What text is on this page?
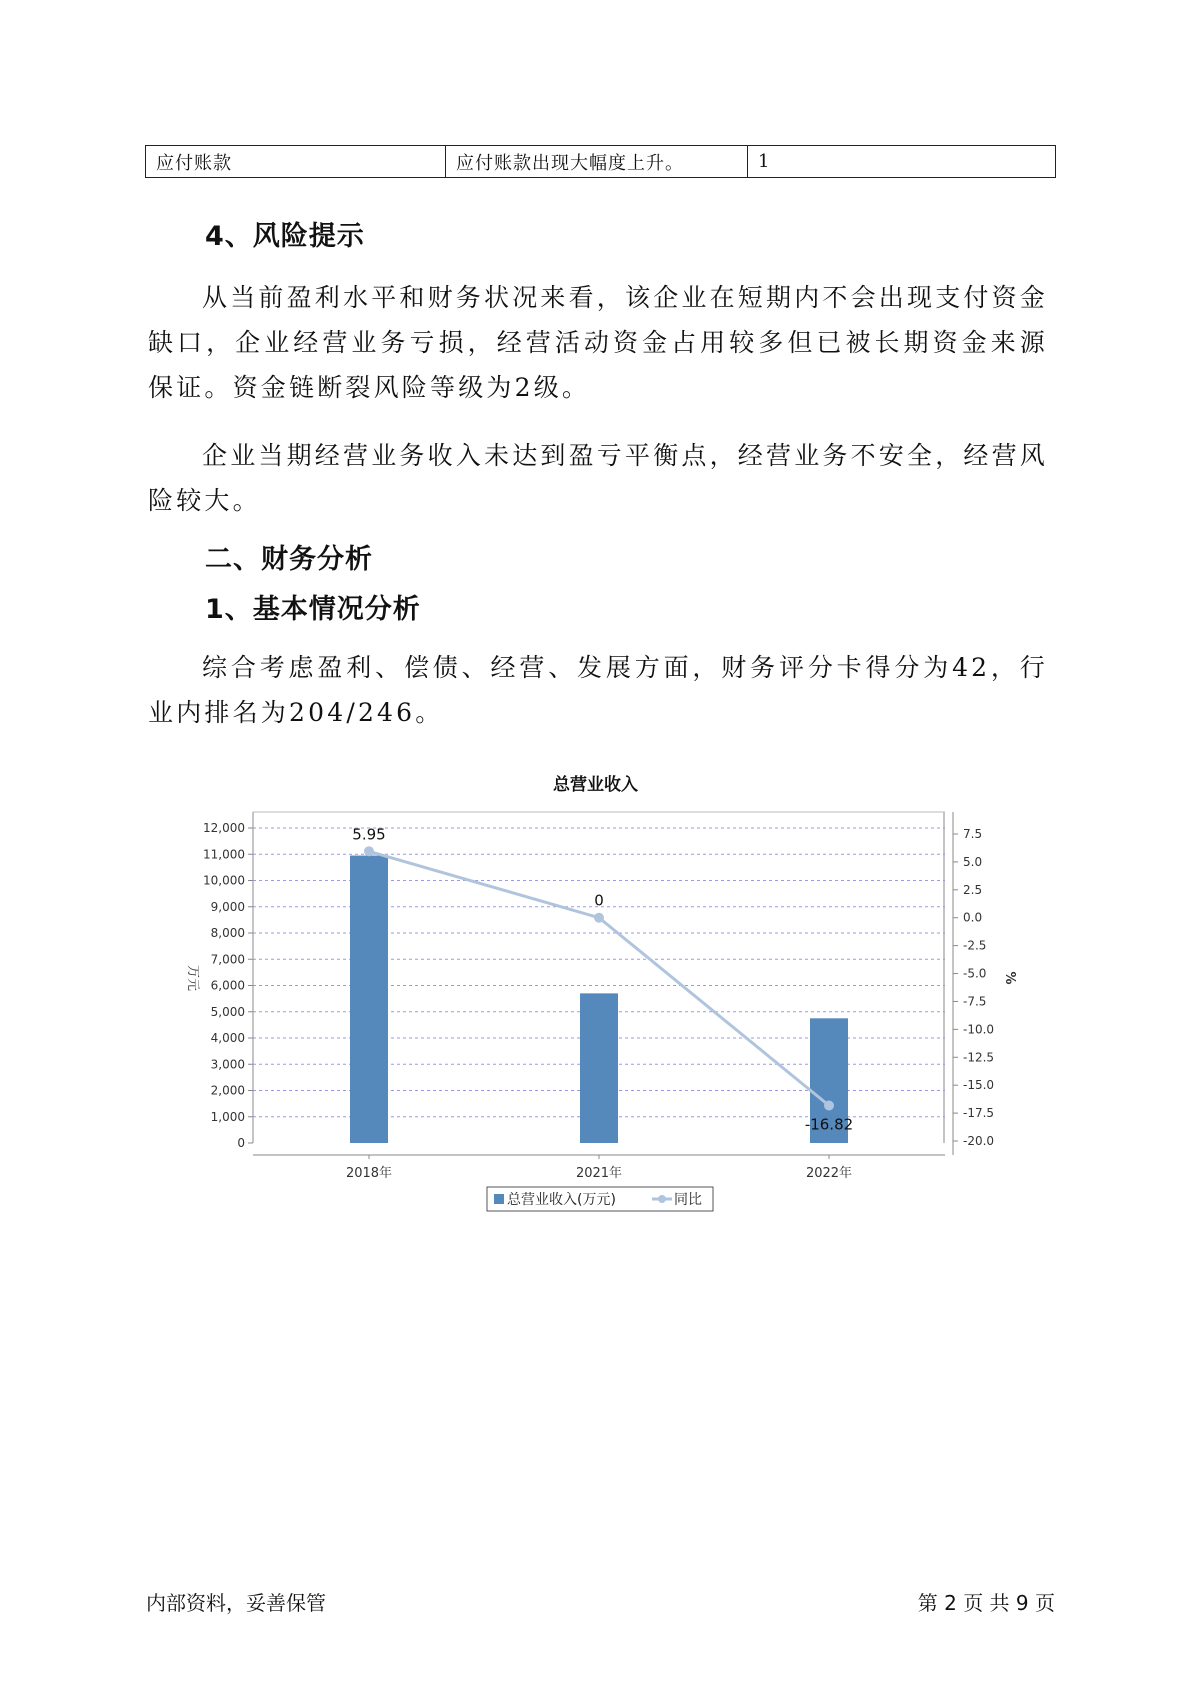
应付账款	应付账款出现大幅度上升。	1
4、风险提示
从当前盈利水平和财务状况来看，该企业在短期内不会出现支付资金缺口，企业经营业务亏损，经营活动资金占用较多但已被长期资金来源保证。资金链断裂风险等级为2级。
企业当期经营业务收入未达到盈亏平衡点，经营业务不安全，经营风险较大。
二、财务分析
1、基本情况分析
综合考虑盈利、偿债、经营、发展方面，财务评分卡得分为42，行业内排名为204/246。
总营业收入
0
1,000
2,000
3,000
4,000
5,000
6,000
7,000
8,000
9,000
10,000
11,000
12,000
-20.0
-17.5
-15.0
-12.5
-10.0
-7.5
-5.0
-2.5
0.0
2.5
5.0
7.5
5.95
0
-16.82
2018年	2021年	2022年
万元	%
总营业收入(万元)	同比
内部资料，妥善保管	第 2 页 共 9 页
